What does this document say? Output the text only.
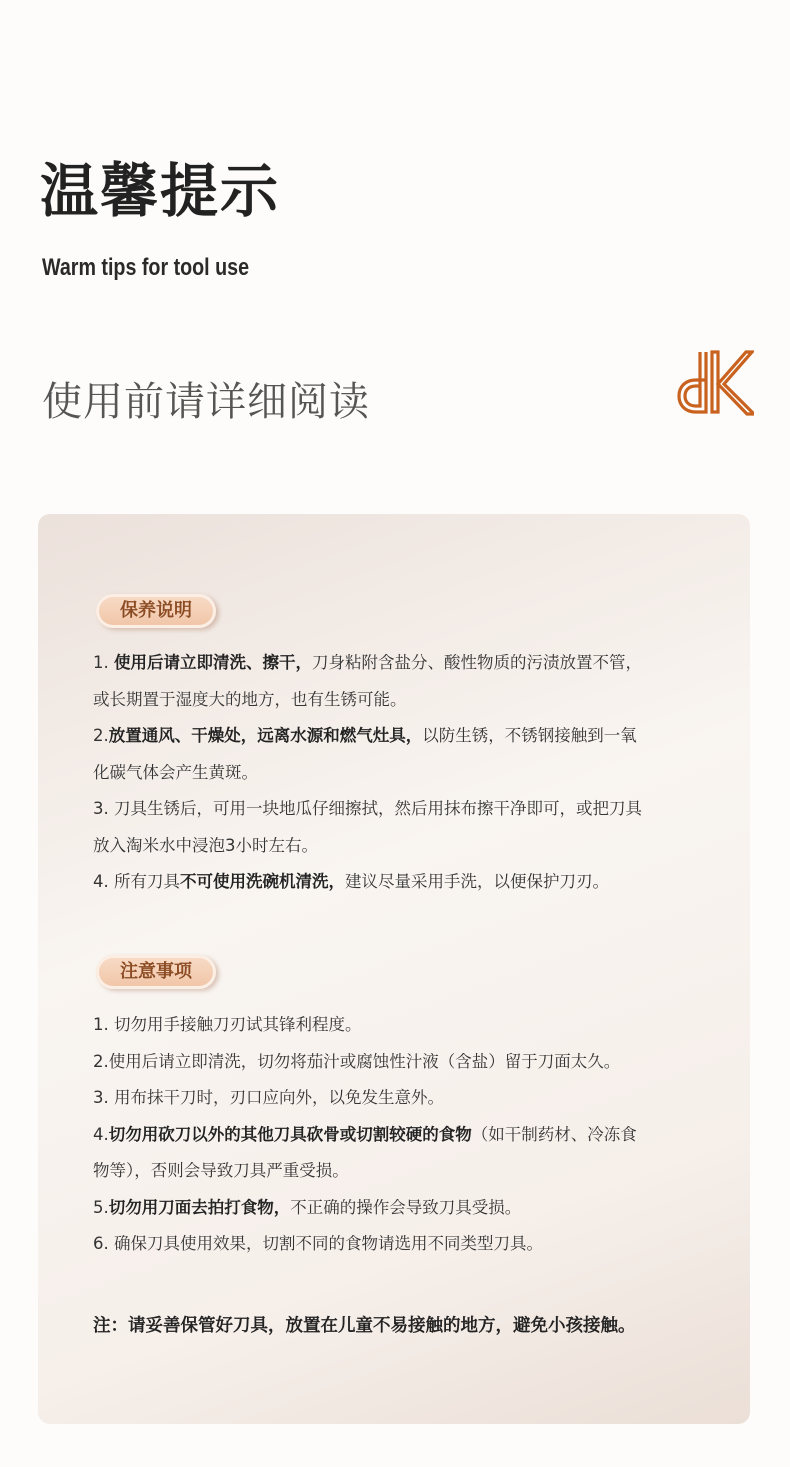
温馨提示
Warm tips for tool use
使用前请详细阅读
保养说明
1. 使用后请立即清洗、擦干，刀身粘附含盐分、酸性物质的污渍放置不管，
或长期置于湿度大的地方，也有生锈可能。
2.放置通风、干燥处，远离水源和燃气灶具，以防生锈，不锈钢接触到一氧
化碳气体会产生黄斑。
3. 刀具生锈后，可用一块地瓜仔细擦拭，然后用抹布擦干净即可，或把刀具
放入淘米水中浸泡3小时左右。
4. 所有刀具不可使用洗碗机清洗，建议尽量采用手洗，以便保护刀刃。
注意事项
1. 切勿用手接触刀刃试其锋利程度。
2.使用后请立即清洗，切勿将茄汁或腐蚀性汁液（含盐）留于刀面太久。
3. 用布抹干刀时，刃口应向外，以免发生意外。
4.切勿用砍刀以外的其他刀具砍骨或切割较硬的食物（如干制药材、冷冻食
物等），否则会导致刀具严重受损。
5.切勿用刀面去拍打食物，不正确的操作会导致刀具受损。
6. 确保刀具使用效果，切割不同的食物请选用不同类型刀具。
注：请妥善保管好刀具，放置在儿童不易接触的地方，避免小孩接触。
